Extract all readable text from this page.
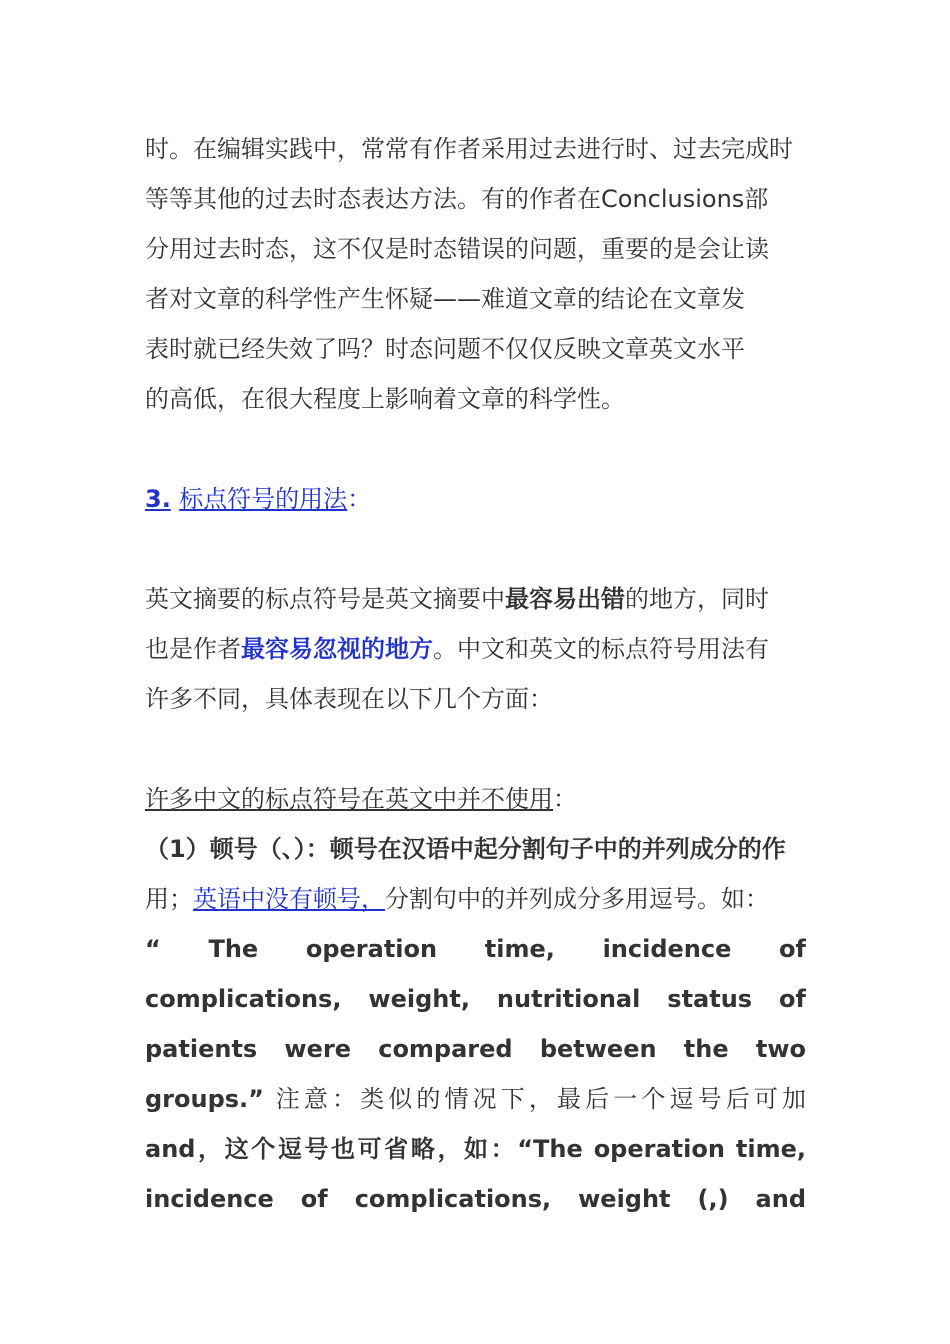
时。在编辑实践中，常常有作者采用过去进行时、过去完成时
等等其他的过去时态表达方法。有的作者在Conclusions部
分用过去时态，这不仅是时态错误的问题，重要的是会让读
者对文章的科学性产生怀疑——难道文章的结论在文章发
表时就已经失效了吗？时态问题不仅仅反映文章英文水平
的高低，在很大程度上影响着文章的科学性。
3. 标点符号的用法：
英文摘要的标点符号是英文摘要中最容易出错的地方，同时
也是作者最容易忽视的地方。中文和英文的标点符号用法有
许多不同，具体表现在以下几个方面：
许多中文的标点符号在英文中并不使用：
（1）顿号（、）：顿号在汉语中起分割句子中的并列成分的作
用；英语中没有顿号，分割句中的并列成分多用逗号。如：
“ The operation time, incidence of
complications, weight, nutritional status of
patients were compared between the two
groups.” 注意：类似的情况下，最后一个逗号后可加
and，这个逗号也可省略，如：“The operation time,
incidence of complications, weight (,) and
